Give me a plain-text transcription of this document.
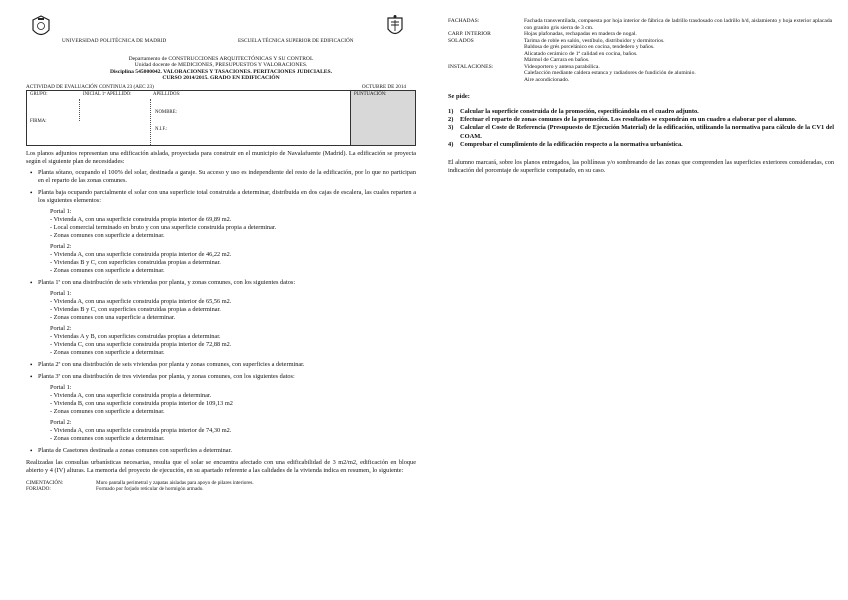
UNIVERSIDAD POLITÉCNICA DE MADRID	ESCUELA TÉCNICA SUPERIOR DE EDIFICACIÓN
Departamento de CONSTRUCCIONES ARQUITECTÓNICAS Y SU CONTROL
Unidad docente de MEDICIONES, PRESUPUESTOS Y VALORACIONES.
Disciplina 545000042. VALORACIONES Y TASACIONES. PERITACIONES JUDICIALES.
CURSO 2014/2015. GRADO EN EDIFICACIÓN
ACTIVIDAD DE EVALUACIÓN CONTINUA 23 (AEC 23)	OCTUBRE DE 2014
GRUPO:	INICIAL 1º APELLIDO:	APELLIDOS:
NOMBRE:
N.I.F.:
FIRMA:
PUNTUACIÓN:
Los planos adjuntos representan una edificación aislada, proyectada para construir en el municipio de Navalafuente (Madrid). La edificación se proyecta según el siguiente plan de necesidades:
• Planta sótano, ocupando el 100% del solar, destinada a garaje. Su acceso y uso es independiente del resto de la edificación, por lo que no participan en el reparto de las zonas comunes.
• Planta baja ocupando parcialmente el solar con una superficie total construida a determinar, distribuida en dos cajas de escalera, las cuales reparten a los siguientes elementos:
Portal 1:
- Vivienda A, con una superficie construida propia interior de 69,89 m2.
- Local comercial terminado en bruto y con una superficie construida propia a determinar.
- Zonas comunes con superficie a determinar.
Portal 2:
- Vivienda A, con una superficie construida propia interior de 46,22 m2.
- Viviendas B y C, con superficies construidas propias a determinar.
- Zonas comunes con superficie a determinar.
• Planta 1ª con una distribución de seis viviendas por planta, y zonas comunes, con los siguientes datos:
Portal 1:
- Vivienda A, con una superficie construida propia interior de 65,56 m2.
- Viviendas B y C, con superficies construidas propias a determinar.
- Zonas comunes con una superficie a determinar.
Portal 2:
- Viviendas A y B, con superficies construidas propias a determinar.
- Vivienda C, con una superficie construida propia interior de 72,88 m2.
- Zonas comunes con superficie a determinar.
• Planta 2ª con una distribución de seis viviendas por planta y zonas comunes, con superficies a determinar.
• Planta 3ª con una distribución de tres viviendas por planta, y zonas comunes, con los siguientes datos:
Portal 1:
- Vivienda A, con una superficie construida propia a determinar.
- Vivienda B, con una superficie construida propia interior de 109,13 m2
- Zonas comunes con superficie a determinar.
Portal 2:
- Vivienda A, con una superficie construida propia interior de 74,30 m2.
- Zonas comunes con superficie a determinar.
• Planta de Casetones destinada a zonas comunes con superficies a determinar.
Realizadas las consultas urbanísticas necesarias, resulta que el solar se encuentra afectado con una edificabilidad de 3 m2/m2, edificación en bloque abierto y 4 (IV) alturas. La memoria del proyecto de ejecución, en su apartado referente a las calidades de la vivienda indica en resumen, lo siguiente:
CIMENTACIÓN:	Muro pantalla perimetral y zapatas aisladas para apoyo de pilares interiores.
FORJADO:	Formado por forjado reticular de hormigón armado.
FACHADAS:	Fachada transventilada, compuesta por hoja interior de fábrica de ladrillo trasdosado con ladrillo h/d, aislamiento y hoja exterior aplacada con granito gris sierra de 3 cm.
CARP. INTERIOR	Hojas plafonadas, rechapadas en madera de nogal.
SOLADOS	Tarima de roble en salón, vestíbulo, distribuidor y dormitorios.
Baldosa de grés porcelánico en cocina, tendedero y baños.
Alicatado cerámico de 1ª calidad en cocina, baños.
Mármol de Carrara en baños.
INSTALACIONES:	Videoportero y antena parabólica.
Calefacción mediante caldera estanca y radiadores de fundición de aluminio.
Aire acondicionado.
Se pide:
1)	Calcular la superficie construida de la promoción, especificándola en el cuadro adjunto.
2)	Efectuar el reparto de zonas comunes de la promoción. Los resultados se expondrán en un cuadro a elaborar por el alumno.
3)	Calcular el Coste de Referencia (Presupuesto de Ejecución Material) de la edificación, utilizando la normativa para cálculo de la CV1 del COAM.
4)	Comprobar el cumplimiento de la edificación respecto a la normativa urbanística.
El alumno marcará, sobre los planos entregados, las polilíneas y/o sombreando de las zonas que comprenden las superficies exteriores consideradas, con indicación del porcentaje de superficie computado, en su caso.
